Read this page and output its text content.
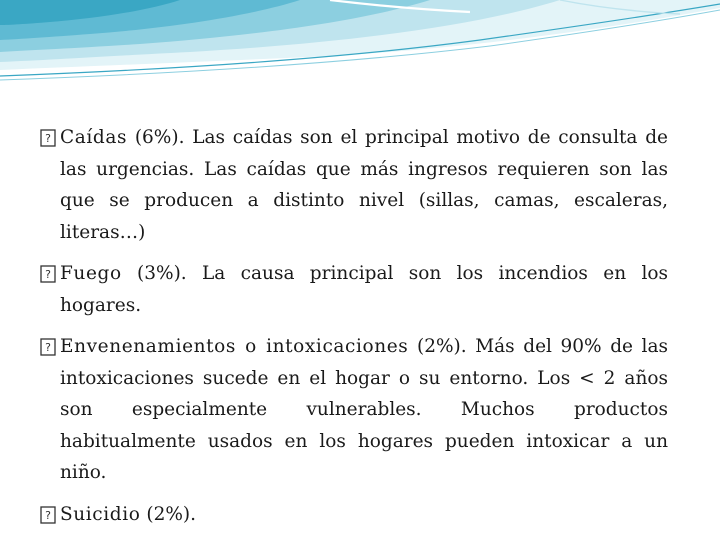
? Caídas (6%). Las caídas son el principal motivo de consulta de las urgencias. Las caídas que más ingresos requieren son las que se producen a distinto nivel (sillas, camas, escaleras, literas…)
? Fuego (3%). La causa principal son los incendios en los hogares.
? Envenenamientos o intoxicaciones (2%). Más del 90% de las intoxicaciones sucede en el hogar o su entorno. Los < 2 años son especialmente vulnerables. Muchos productos habitualmente usados en los hogares pueden intoxicar a un niño.
? Suicidio (2%).
